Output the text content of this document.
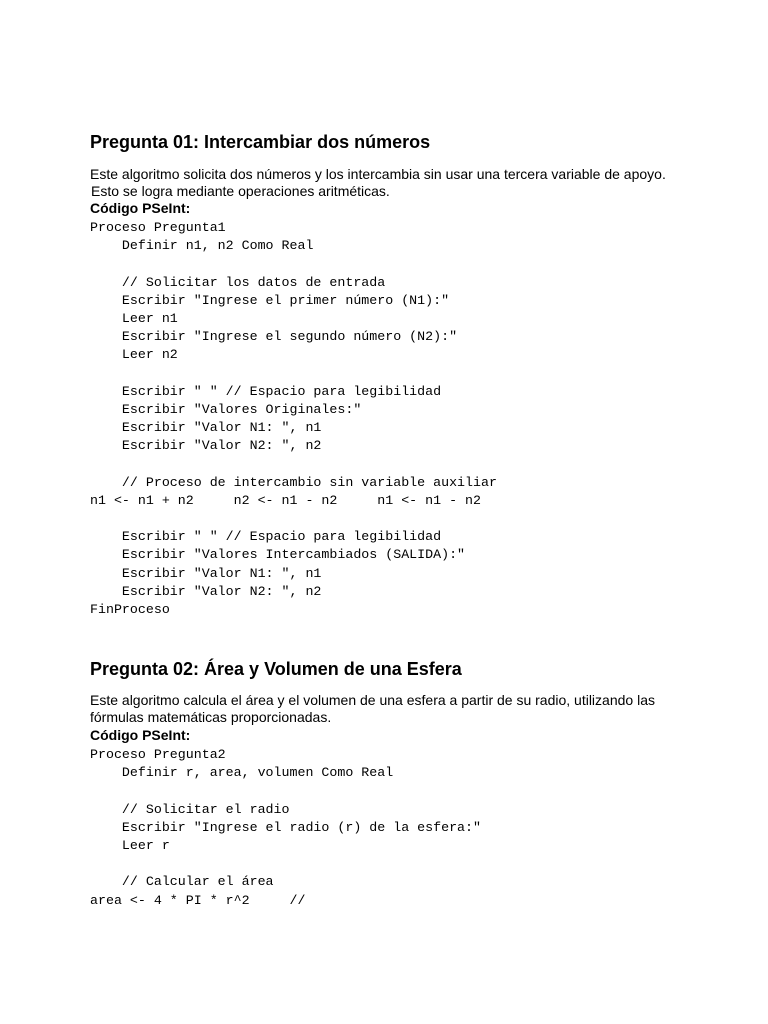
Pregunta 01: Intercambiar dos números
Este algoritmo solicita dos números y los intercambia sin usar una tercera variable de apoyo.
Esto se logra mediante operaciones aritméticas.
Código PSeInt:
Proceso Pregunta1
Definir n1, n2 Como Real
// Solicitar los datos de entrada
Escribir "Ingrese el primer número (N1):"
Leer n1
Escribir "Ingrese el segundo número (N2):"
Leer n2
Escribir " " // Espacio para legibilidad
Escribir "Valores Originales:"
Escribir "Valor N1: ", n1
Escribir "Valor N2: ", n2
// Proceso de intercambio sin variable auxiliar
n1 <- n1 + n2     n2 <- n1 - n2     n1 <- n1 - n2
Escribir " " // Espacio para legibilidad
Escribir "Valores Intercambiados (SALIDA):"
Escribir "Valor N1: ", n1
Escribir "Valor N2: ", n2
FinProceso
Pregunta 02: Área y Volumen de una Esfera
Este algoritmo calcula el área y el volumen de una esfera a partir de su radio, utilizando las
fórmulas matemáticas proporcionadas.
Código PSeInt:
Proceso Pregunta2
Definir r, area, volumen Como Real
// Solicitar el radio
Escribir "Ingrese el radio (r) de la esfera:"
Leer r
// Calcular el área
area <- 4 * PI * r^2     //
